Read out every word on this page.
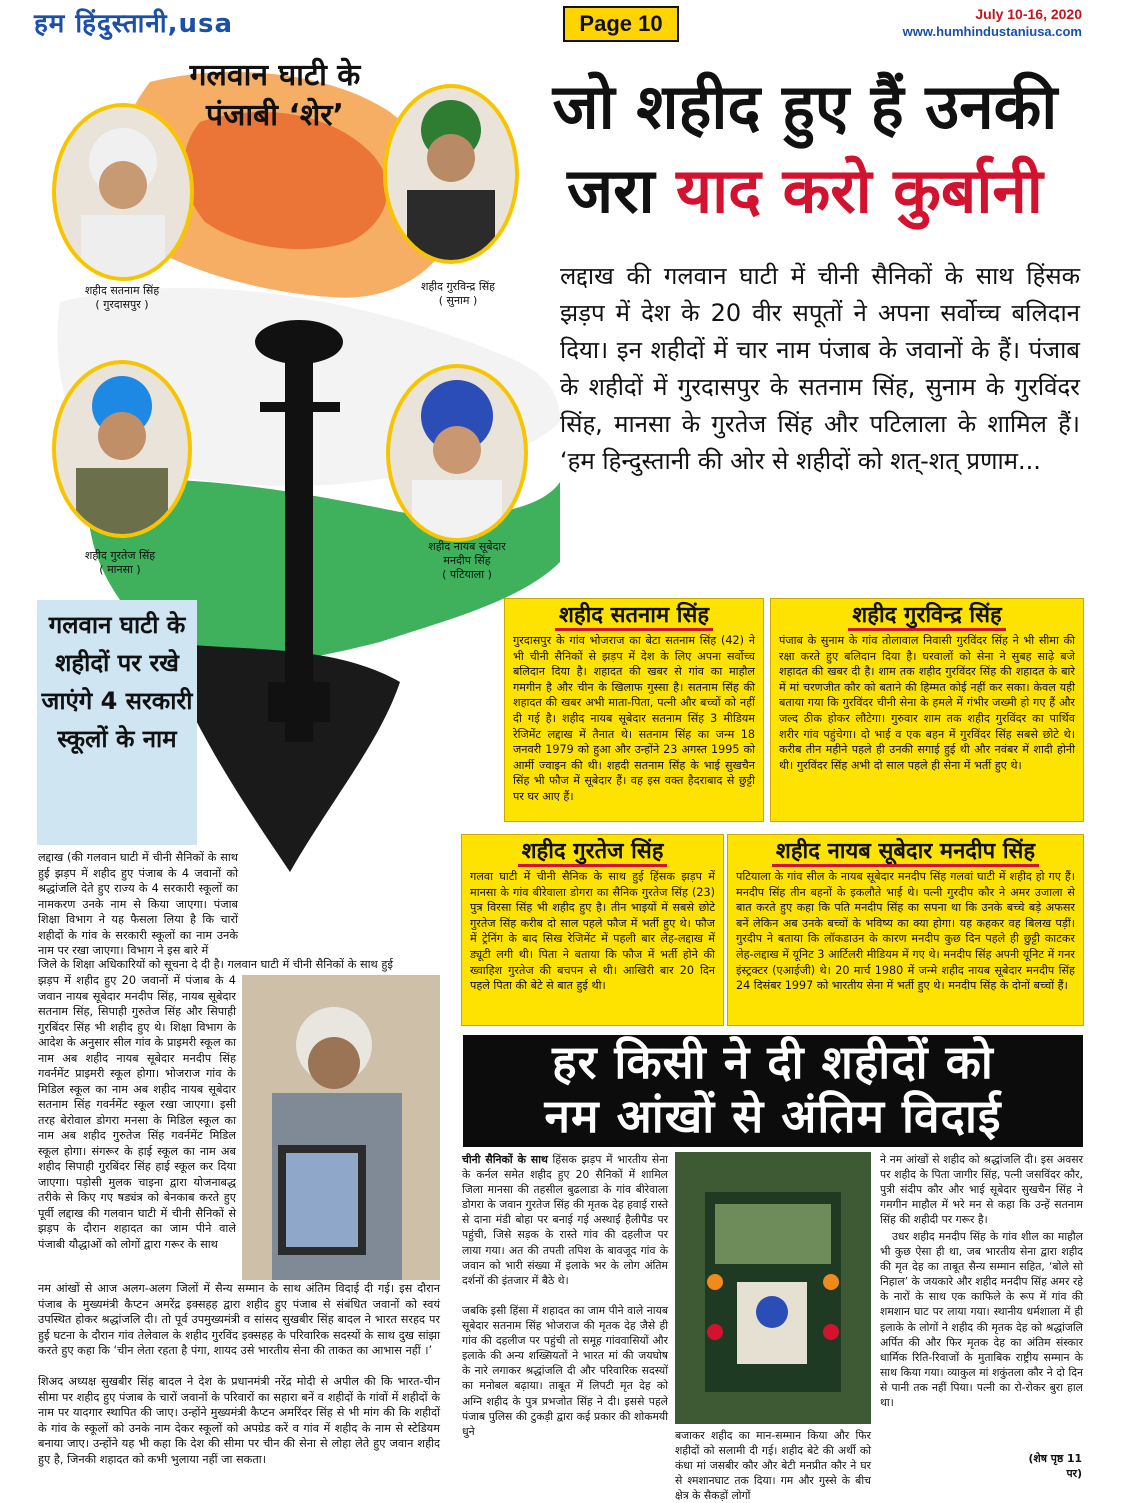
हम हिंदुस्तानी,usa	Page 10	July 10-16, 2020
www.humhindustaniusa.com
गलवान घाटी के
पंजाबी ‘शेर’
शहीद सतनाम सिंह
( गुरदासपुर )
शहीद गुरविन्द्र सिंह
( सुनाम )
शहीद गुरतेज सिंह
( मानसा )
शहीद नायब सूबेदार
मनदीप सिंह
( पटियाला )
जो शहीद हुए हैं उनकी
जरा याद करो कुर्बानी
लद्दाख की गलवान घाटी में चीनी सैनिकों के साथ हिंसक झड़प में देश के 20 वीर सपूतों ने अपना सर्वोच्च बलिदान दिया। इन शहीदों में चार नाम पंजाब के जवानों के हैं। पंजाब के शहीदों में गुरदासपुर के सतनाम सिंह, सुनाम के गुरविंदर सिंह, मानसा के गुरतेज सिंह और पटिलाला के शामिल हैं। ‘हम हिन्दुस्तानी की ओर से शहीदों को शत्-शत् प्रणाम...
शहीद सतनाम सिंह

गुरदासपुर के गांव भोजराज का बेटा सतनाम सिंह (42) ने भी चीनी सैनिकों से झड़प में देश के लिए अपना सर्वोच्च बलिदान दिया है। शहादत की खबर से गांव का माहौल गमगीन है और चीन के खिलाफ गुस्सा है। सतनाम सिंह की शहादत की खबर अभी माता-पिता, पत्नी और बच्चों को नहीं दी गई है। शहीद नायब सूबेदार सतनाम सिंह 3 मीडियम रेजिमेंट लद्दाख में तैनात थे। सतनाम सिंह का जन्म 18 जनवरी 1979 को हुआ और उन्होंने 23 अगस्त 1995 को आर्मी ज्वाइन की थी। शहदी सतनाम सिंह के भाई सुखचैन सिंह भी फौज में सूबेदार हैं। वह इस वक्त हैदराबाद से छुट्टी पर घर आए हैं।

शहीद गुरविन्द्र सिंह

पंजाब के सुनाम के गांव तोलावाल निवासी गुरविंदर सिंह ने भी सीमा की रक्षा करते हुए बलिदान दिया है। घरवालों को सेना ने सुबह साढ़े बजे शहादत की खबर दी है। शाम तक शहीद गुरविंदर सिंह की शहादत के बारे में मां चरणजीत कौर को बताने की हिम्मत कोई नहीं कर सका। केवल यही बताया गया कि गुरविंदर चीनी सेना के हमले में गंभीर जख्मी हो गए हैं और जल्द ठीक होकर लौटेगा। गुरुवार शाम तक शहीद गुरविंदर का पार्थिव शरीर गांव पहुंचेगा। दो भाई व एक बहन में गुरविंदर सिंह सबसे छोटे थे। करीब तीन महीने पहले ही उनकी सगाई हुई थी और नवंबर में शादी होनी थी। गुरविंदर सिंह अभी दो साल पहले ही सेना में भर्ती हुए थे।

शहीद गुरतेज सिंह

गलवा घाटी में चीनी सैनिक के साथ हुई हिंसक झड़प में मानसा के गांव बीरेवाला डोगरा का सैनिक गुरतेज सिंह (23) पुत्र विरसा सिंह भी शहीद हुए है। तीन भाइयों में सबसे छोटे गुरतेज सिंह करीब दो साल पहले फौज में भर्ती हुए थे। फौज में ट्रेनिंग के बाद सिख रेजिमेंट में पहली बार लेह-लद्दाख में ड्यूटी लगी थी। पिता ने बताया कि फौज में भर्ती होने की ख्वाहिश गुरतेज की बचपन से थी। आखिरी बार 20 दिन पहले पिता की बेटे से बात हुई थी।

शहीद नायब सूबेदार मनदीप सिंह

पटियाला के गांव सील के नायब सूबेदार मनदीप सिंह गलवां घाटी में शहीद हो गए हैं। मनदीप सिंह तीन बहनों के इकलौते भाई थे। पत्नी गुरदीप कौर ने अमर उजाला से बात करते हुए कहा कि पति मनदीप सिंह का सपना था कि उनके बच्चे बड़े अफसर बनें लेकिन अब उनके बच्चों के भविष्य का क्या होगा। यह कहकर वह बिलख पड़ीं। गुरदीप ने बताया कि लॉकडाउन के कारण मनदीप कुछ दिन पहले ही छुट्टी काटकर लेह-लद्दाख में यूनिट 3 आर्टिलरी मीडियम में गए थे। मनदीप सिंह अपनी यूनिट में गनर इंस्ट्रक्टर (एआईजी) थे। 20 मार्च 1980 में जन्मे शहीद नायब सूबेदार मनदीप सिंह 24 दिसंबर 1997 को भारतीय सेना में भर्ती हुए थे। मनदीप सिंह के दोनों बच्चों हैं।

गलवान घाटी के शहीदों पर रखे जाएंगे 4 सरकारी स्कूलों के नाम
लद्दाख (की गलवान घाटी में चीनी सैनिकों के साथ हुई झड़प में शहीद हुए पंजाब के 4 जवानों को श्रद्धांजलि देते हुए राज्य के 4 सरकारी स्कूलों का नामकरण उनके नाम से किया जाएगा। पंजाब शिक्षा विभाग ने यह फैसला लिया है कि चारों शहीदों के गांव के सरकारी स्कूलों का नाम उनके नाम पर रखा जाएगा। विभाग ने इस बारे में
जिले के शिक्षा अधिकारियों को सूचना दे दी है। गलवान घाटी में चीनी सैनिकों के साथ हुई
झड़प में शहीद हुए 20 जवानों में पंजाब के 4 जवान नायब सूबेदार मनदीप सिंह, नायब सूबेदार सतनाम सिंह, सिपाही गुरुतेज सिंह और सिपाही गुरबिंदर सिंह भी शहीद हुए थे। शिक्षा विभाग के आदेश के अनुसार सील गांव के प्राइमरी स्कूल का नाम अब शहीद नायब सूबेदार मनदीप सिंह गवर्नमेंट प्राइमरी स्कूल होगा। भोजराज गांव के मिडिल स्कूल का नाम अब शहीद नायब सूबेदार सतनाम सिंह गवर्नमेंट स्कूल रखा जाएगा। इसी तरह बेरोवाल डोगरा मनसा के मिडिल स्कूल का नाम अब शहीद गुरुतेज सिंह गवर्नमेंट मिडिल स्कूल होगा। संगरूर के हाई स्कूल का नाम अब शहीद सिपाही गुरबिंदर सिंह हाई स्कूल कर दिया जाएगा। पड़ोसी मुलक चाइना द्वारा योजनाबद्ध तरीके से किए गए षड्यंत्र को बेनकाब करते हुए पूर्वी लद्दाख की गलवान घाटी में चीनी सैनिकों से झड़प के दौरान शहादत का जाम पीने वाले पंजाबी यौद्धाओं को लोगों द्वारा गरूर के साथ
नम आंखों से आज अलग-अलग जिलों में सैन्य सम्मान के साथ अंतिम विदाई दी गई। इस दौरान पंजाब के मुख्यमंत्री कैप्टन अमरेंद्र इक्सहह द्वारा शहीद हुए पंजाब से संबंधित जवानों को स्वयं उपस्थित होकर श्रद्धांजलि दी। तो पूर्व उपमुख्यमंत्री व सांसद सुखबीर सिंह बादल ने भारत सरहद पर हुई घटना के दौरान गांव तेलेवाल के शहीद गुरविंद इक्सहह के परिवारिक सदस्यों के साथ दुख सांझा करते हुए कहा कि ‘चीन लेता रहता है पंगा, शायद उसे भारतीय सेना की ताकत का आभास नहीं ।’
शिअद अध्यक्ष सुखबीर सिंह बादल ने देश के प्रधानमंत्री नरेंद्र मोदी से अपील की कि भारत-चीन सीमा पर शहीद हुए पंजाब के चारों जवानों के परिवारों का सहारा बनें व शहीदों के गांवों में शहीदों के नाम पर यादगार स्थापित की जाए। उन्होंने मुख्यमंत्री कैप्टन अमरिंदर सिंह से भी मांग की कि शहीदों के गांव के स्कूलों को उनके नाम देकर स्कूलों को अपग्रेड करें व गांव में शहीद के नाम से स्टेडियम बनाया जाए। उन्होंने यह भी कहा कि देश की सीमा पर चीन की सेना से लोहा लेते हुए जवान शहीद हुए है, जिनकी शहादत को कभी भुलाया नहीं जा सकता।
हर किसी ने दी शहीदों को
नम आंखों से अंतिम विदाई
चीनी सैनिकों के साथ हिंसक झड़प में भारतीय सेना के कर्नल समेत शहीद हुए 20 सैनिकों में शामिल जिला मानसा की तहसील बुढलाडा के गांव बीरेवाला डोगरा के जवान गुरतेज सिंह की मृतक देह हवाई रास्ते से दाना मंडी बोहा पर बनाई गई अस्थाई हैलीपैड पर पहुंची, जिसे सड़क के रास्ते गांव की दहलीज पर लाया गया। अत की तपती तपिश के बावजूद गांव के जवान को भारी संख्या में इलाके भर के लोग अंतिम दर्शनों की इंतजार में बैठे थे।
जबकि इसी हिंसा में शहादत का जाम पीने वाले नायब सूबेदार सतनाम सिंह भोजराज की मृतक देह जैसे ही गांव की दहलीज पर पहुंची तो समूह गांववासियों और इलाके की अन्य शख्सियतों ने भारत मां की जयघोष के नारे लगाकर श्रद्धांजलि दी और परिवारिक सदस्यों का मनोबल बढ़ाया। ताबूत में लिपटी मृत देह को अग्नि शहीद के पुत्र प्रभजोत सिंह ने दी। इससे पहले पंजाब पुलिस की टुकड़ी द्वारा कई प्रकार की शोकमयी धुने	बजाकर शहीद का मान-सम्मान किया और फिर शहीदों को सलामी दी गई। शहीद बेटे की अर्थी को कंधा मां जसबीर कौर और बेटी मनप्रीत कौर ने घर से श्मशानघाट तक दिया। गम और गुस्से के बीच क्षेत्र के सैकड़ों लोगों
ने नम आंखों से शहीद को श्रद्धांजलि दी। इस अवसर पर शहीद के पिता जागीर सिंह, पत्नी जसविंदर कौर, पुत्री संदीप कौर और भाई सूबेदार सुखचैन सिंह ने गमगीन माहौल में भरे मन से कहा कि उन्हें सतनाम सिंह की शहीदी पर गरूर है।
उधर शहीद मनदीप सिंह के गांव शील का माहौल भी कुछ ऐसा ही था, जब भारतीय सेना द्वारा शहीद की मृत देह का ताबूत सैन्य सम्मान सहित, ‘बोले सो निहाल’ के जयकारे और शहीद मनदीप सिंह अमर रहे के नारों के साथ एक काफिले के रूप में गांव की शमशान घाट पर लाया गया। स्थानीय धर्मशाला में ही इलाके के लोगों ने शहीद की मृतक देह को श्रद्धांजलि अर्पित की और फिर मृतक देह का अंतिम संस्कार धार्मिक रिति-रिवाजों के मुताबिक राष्ट्रीय सम्मान के साथ किया गया। व्याकुल मां शकुंतला कौर ने दो दिन से पानी तक नहीं पिया। पत्नी का रो-रोकर बुरा हाल था।
(शेष पृष्ठ 11 पर)
